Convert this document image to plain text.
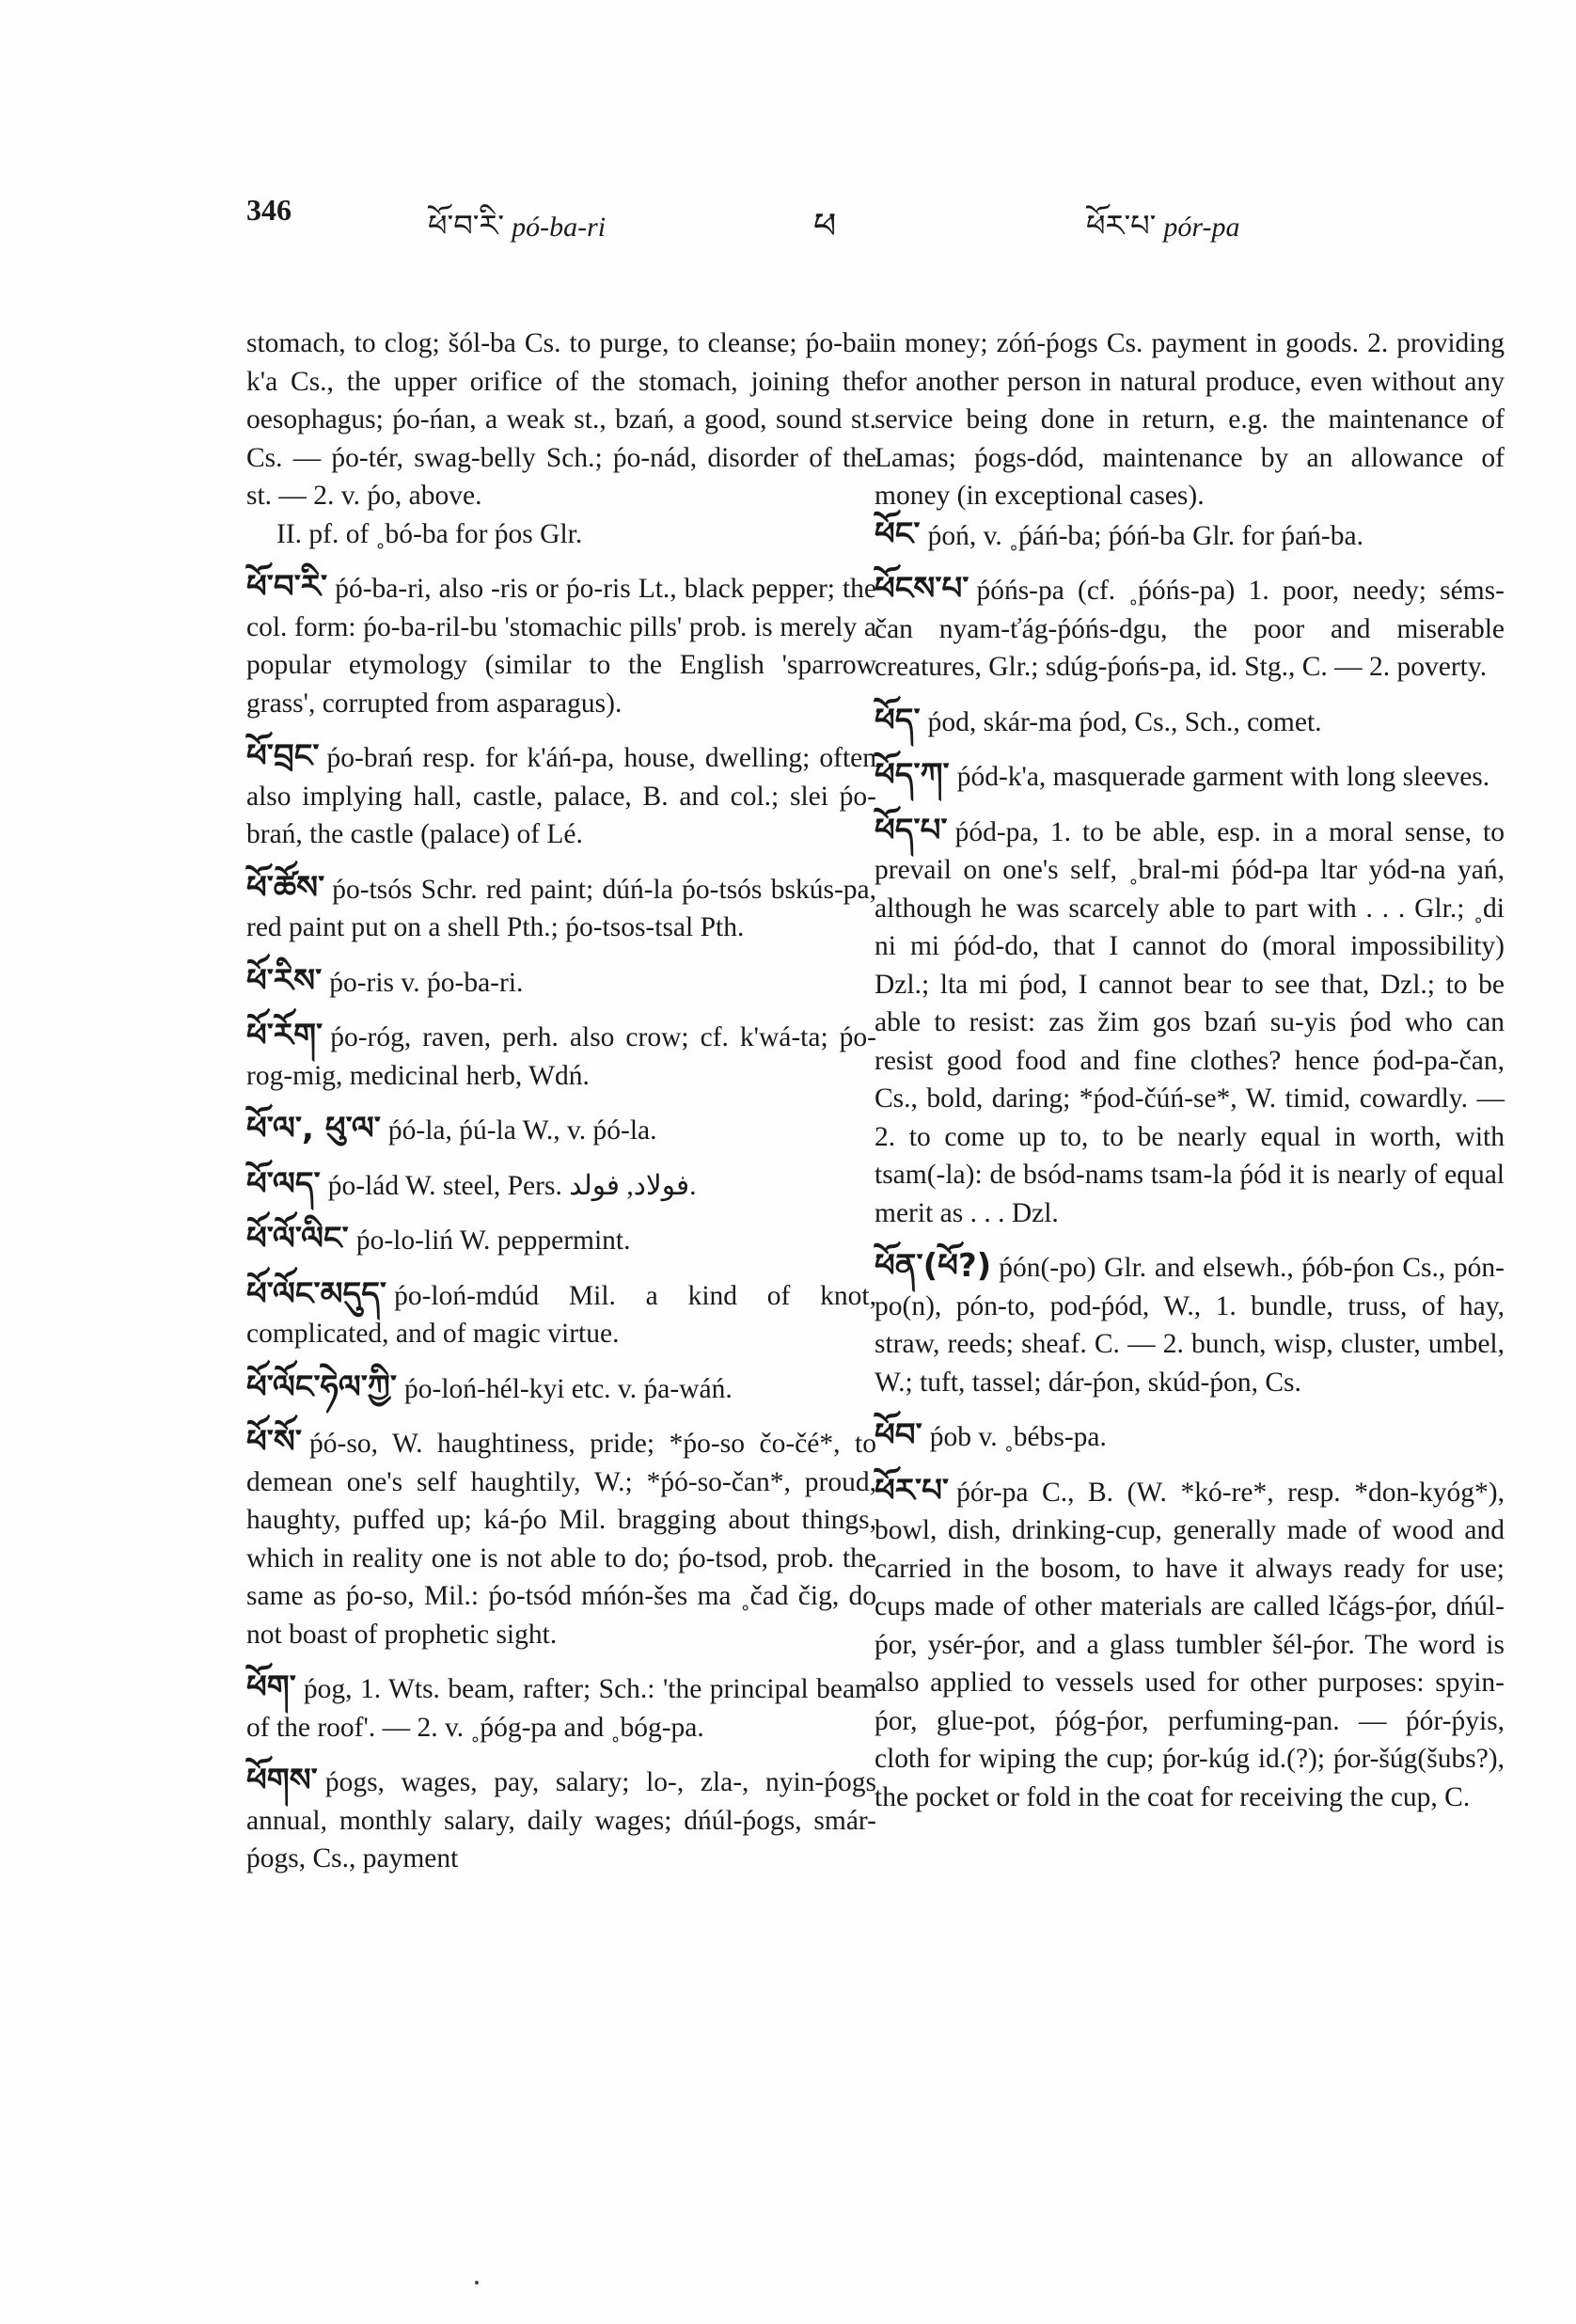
346	ཕོ་བ་རི་ pó-ba-ri	ཕ	ཕོར་པ་ pór-pa
stomach, to clog; šól-ba Cs. to purge, to cleanse; ṕo-bai k'a Cs., the upper orifice of the stomach, joining the oesophagus; ṕo-ńan, a weak st., bzań, a good, sound st. Cs. — ṕo-tér, swag-belly Sch.; ṕo-nád, disorder of the st. — 2. v. ṕo, above.
II. pf. of ˳bó-ba for ṕos Glr.
ཕོ་བ་རི་ ṕó-ba-ri, also -ris or ṕo-ris Lt., black pepper; the col. form: ṕo-ba-ril-bu 'stomachic pills' prob. is merely a popular etymology (similar to the English 'sparrow grass', corrupted from asparagus).
ཕོ་བྲང་ ṕo-brań resp. for k'áń-pa, house, dwelling; often also implying hall, castle, palace, B. and col.; slei ṕo-brań, the castle (palace) of Lé.
ཕོ་ཚོས་ ṕo-tsós Schr. red paint; dúń-la ṕo-tsós bskús-pa, red paint put on a shell Pth.; ṕo-tsos-tsal Pth.
ཕོ་རིས་ ṕo-ris v. ṕo-ba-ri.
ཕོ་རོག་ ṕo-róg, raven, perh. also crow; cf. k'wá-ta; ṕo-rog-mig, medicinal herb, Wdń.
ཕོ་ལ་, ཕུ་ལ་ ṕó-la, ṕú-la W., v. ṕó-la.
ཕོ་ལད་ ṕo-lád W. steel, Pers. فولاد, فولد.
ཕོ་ལོ་ལིང་ ṕo-lo-liń W. peppermint.
ཕོ་ལོང་མདུད་ ṕo-loń-mdúd Mil. a kind of knot, complicated, and of magic virtue.
ཕོ་ལོང་ཧེལ་ཀྱི་ ṕo-loń-hél-kyi etc. v. ṕa-wáń.
ཕོ་སོ་ ṕó-so, W. haughtiness, pride; *ṕo-so čo-čé*, to demean one's self haughtily, W.; *ṕó-so-čan*, proud, haughty, puffed up; ká-ṕo Mil. bragging about things, which in reality one is not able to do; ṕo-tsod, prob. the same as ṕo-so, Mil.: ṕo-tsód mńón-šes ma ˳čad čig, do not boast of prophetic sight.
ཕོག་ ṕog, 1. Wts. beam, rafter; Sch.: 'the principal beam of the roof'. — 2. v. ˳ṕóg-pa and ˳bóg-pa.
ཕོགས་ ṕogs, wages, pay, salary; lo-, zla-, nyin-ṕogs annual, monthly salary, daily wages; dńúl-ṕogs, smár-ṕogs, Cs., payment
in money; zóń-ṕogs Cs. payment in goods. 2. providing for another person in natural produce, even without any service being done in return, e.g. the maintenance of Lamas; ṕogs-dód, maintenance by an allowance of money (in exceptional cases).
ཕོང་ ṕoń, v. ˳ṕáń-ba; ṕóń-ba Glr. for ṕań-ba.
ཕོངས་པ་ ṕóńs-pa (cf. ˳ṕóńs-pa) 1. poor, needy; séms-čan nyam-ťág-ṕóńs-dgu, the poor and miserable creatures, Glr.; sdúg-ṕońs-pa, id. Stg., C. — 2. poverty.
ཕོད་ ṕod, skár-ma ṕod, Cs., Sch., comet.
ཕོད་ཀ་ ṕód-k'a, masquerade garment with long sleeves.
ཕོད་པ་ ṕód-pa, 1. to be able, esp. in a moral sense, to prevail on one's self, ˳bral-mi ṕód-pa ltar yód-na yań, although he was scarcely able to part with . . . Glr.; ˳di ni mi ṕód-do, that I cannot do (moral impossibility) Dzl.; lta mi ṕod, I cannot bear to see that, Dzl.; to be able to resist: zas žim gos bzań su-yis ṕod who can resist good food and fine clothes? hence ṕod-pa-čan, Cs., bold, daring; *ṕod-čúń-se*, W. timid, cowardly. — 2. to come up to, to be nearly equal in worth, with tsam(-la): de bsód-nams tsam-la ṕód it is nearly of equal merit as . . . Dzl.
ཕོན་(ཕོ?) ṕón(-po) Glr. and elsewh., ṕób-ṕon Cs., pón-po(n), pón-to, pod-ṕód, W., 1. bundle, truss, of hay, straw, reeds; sheaf. C. — 2. bunch, wisp, cluster, umbel, W.; tuft, tassel; dár-ṕon, skúd-ṕon, Cs.
ཕོབ་ ṕob v. ˳bébs-pa.
ཕོར་པ་ ṕór-pa C., B. (W. *kó-re*, resp. *don-kyóg*), bowl, dish, drinking-cup, generally made of wood and carried in the bosom, to have it always ready for use; cups made of other materials are called lčágs-ṕor, dńúl-ṕor, ysér-ṕor, and a glass tumbler šél-ṕor. The word is also applied to vessels used for other purposes: spyin-ṕor, glue-pot, ṕóg-ṕor, perfuming-pan. — ṕór-ṕyis, cloth for wiping the cup; ṕor-kúg id.(?); ṕor-šúg(šubs?), the pocket or fold in the coat for receiving the cup, C.
